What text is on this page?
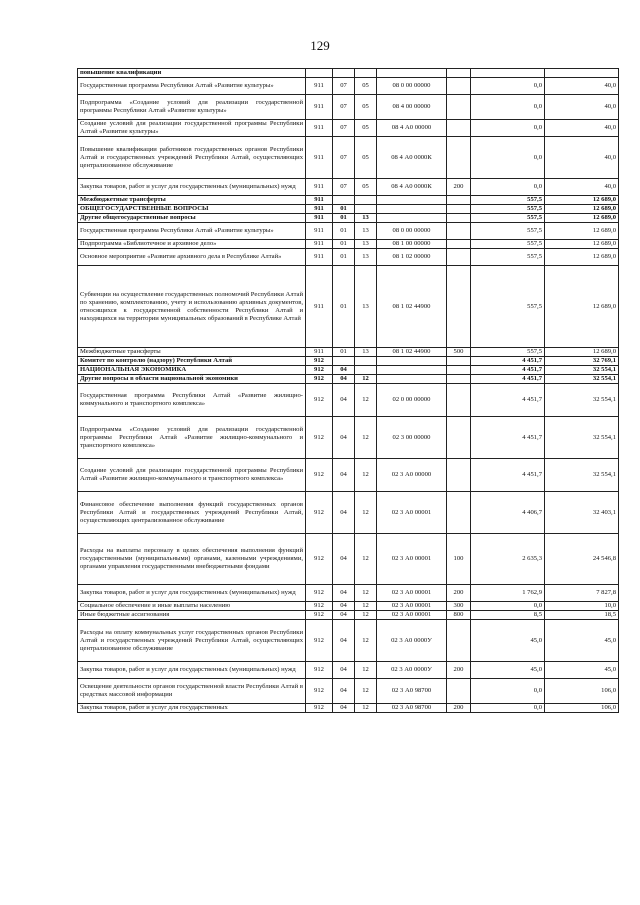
129
повышение квалификации							
Государственная программа Республики Алтай «Развитие культуры»	911	07	05	08 0 00 00000		0,0	40,0
Подпрограмма «Создание условий для реализации государственной программы Республики Алтай «Развитие культуры»	911	07	05	08 4 00 00000		0,0	40,0
Создание условий для реализации государственной программы Республики Алтай «Развитие культуры»	911	07	05	08 4 А0 00000		0,0	40,0
Повышение квалификации работников государственных органов Республики Алтай и государственных учреждений Республики Алтай, осуществляющих централизованное обслуживание	911	07	05	08 4 А0 0000К		0,0	40,0
Закупка товаров, работ и услуг для государственных (муниципальных) нужд	911	07	05	08 4 А0 0000К	200	0,0	40,0
Межбюджетные трансферты	911					557,5	12 689,0
ОБЩЕГОСУДАРСТВЕННЫЕ ВОПРОСЫ	911	01				557,5	12 689,0
Другие общегосударственные вопросы	911	01	13			557,5	12 689,0
Государственная программа Республики Алтай «Развитие культуры»	911	01	13	08 0 00 00000		557,5	12 689,0
Подпрограмма «Библиотечное и архивное дело»	911	01	13	08 1 00 00000		557,5	12 689,0
Основное мероприятие «Развитие архивного дела в Республике Алтай»	911	01	13	08 1 02 00000		557,5	12 689,0
Субвенции на осуществление государственных полномочий Республики Алтай по хранению, комплектованию, учету и использованию архивных документов, относящихся к государственной собственности Республики Алтай и находящихся на территории муниципальных образований в Республике Алтай	911	01	13	08 1 02 44900		557,5	12 689,0
Межбюджетные трансферты	911	01	13	08 1 02 44900	500	557,5	12 689,0
Комитет по контролю (надзору) Республики Алтай	912					4 451,7	32 769,1
НАЦИОНАЛЬНАЯ ЭКОНОМИКА	912	04				4 451,7	32 554,1
Другие вопросы в области национальной экономики	912	04	12			4 451,7	32 554,1
Государственная программа Республики Алтай «Развитие жилищно-коммунального и транспортного комплекса»	912	04	12	02 0 00 00000		4 451,7	32 554,1
Подпрограмма «Создание условий для реализации государственной программы Республики Алтай «Развитие жилищно-коммунального и транспортного комплекса»	912	04	12	02 3 00 00000		4 451,7	32 554,1
Создание условий для реализации государственной программы Республики Алтай «Развитие жилищно-коммунального и транспортного комплекса»	912	04	12	02 3 А0 00000		4 451,7	32 554,1
Финансовое обеспечение выполнения функций государственных органов Республики Алтай и государственных учреждений Республики Алтай, осуществляющих централизованное обслуживание	912	04	12	02 3 А0 00001		4 406,7	32 403,1
Расходы на выплаты персоналу в целях обеспечения выполнения функций государственными (муниципальными) органами, казенными учреждениями, органами управления государственными внебюджетными фондами	912	04	12	02 3 А0 00001	100	2 635,3	24 546,8
Закупка товаров, работ и услуг для государственных (муниципальных) нужд	912	04	12	02 3 А0 00001	200	1 762,9	7 827,8
Социальное обеспечение и иные выплаты населению	912	04	12	02 3 А0 00001	300	0,0	10,0
Иные бюджетные ассигнования	912	04	12	02 3 А0 00001	800	8,5	18,5
Расходы на оплату коммунальных услуг государственных органов Республики Алтай и государственных учреждений Республики Алтай, осуществляющих централизованное обслуживание	912	04	12	02 3 А0 0000У		45,0	45,0
Закупка товаров, работ и услуг для государственных (муниципальных) нужд	912	04	12	02 3 А0 0000У	200	45,0	45,0
Освещение деятельности органов государственной власти Республики Алтай в средствах массовой информации	912	04	12	02 3 А0 98700		0,0	106,0
Закупка товаров, работ и услуг для государственных	912	04	12	02 3 А0 98700	200	0,0	106,0
